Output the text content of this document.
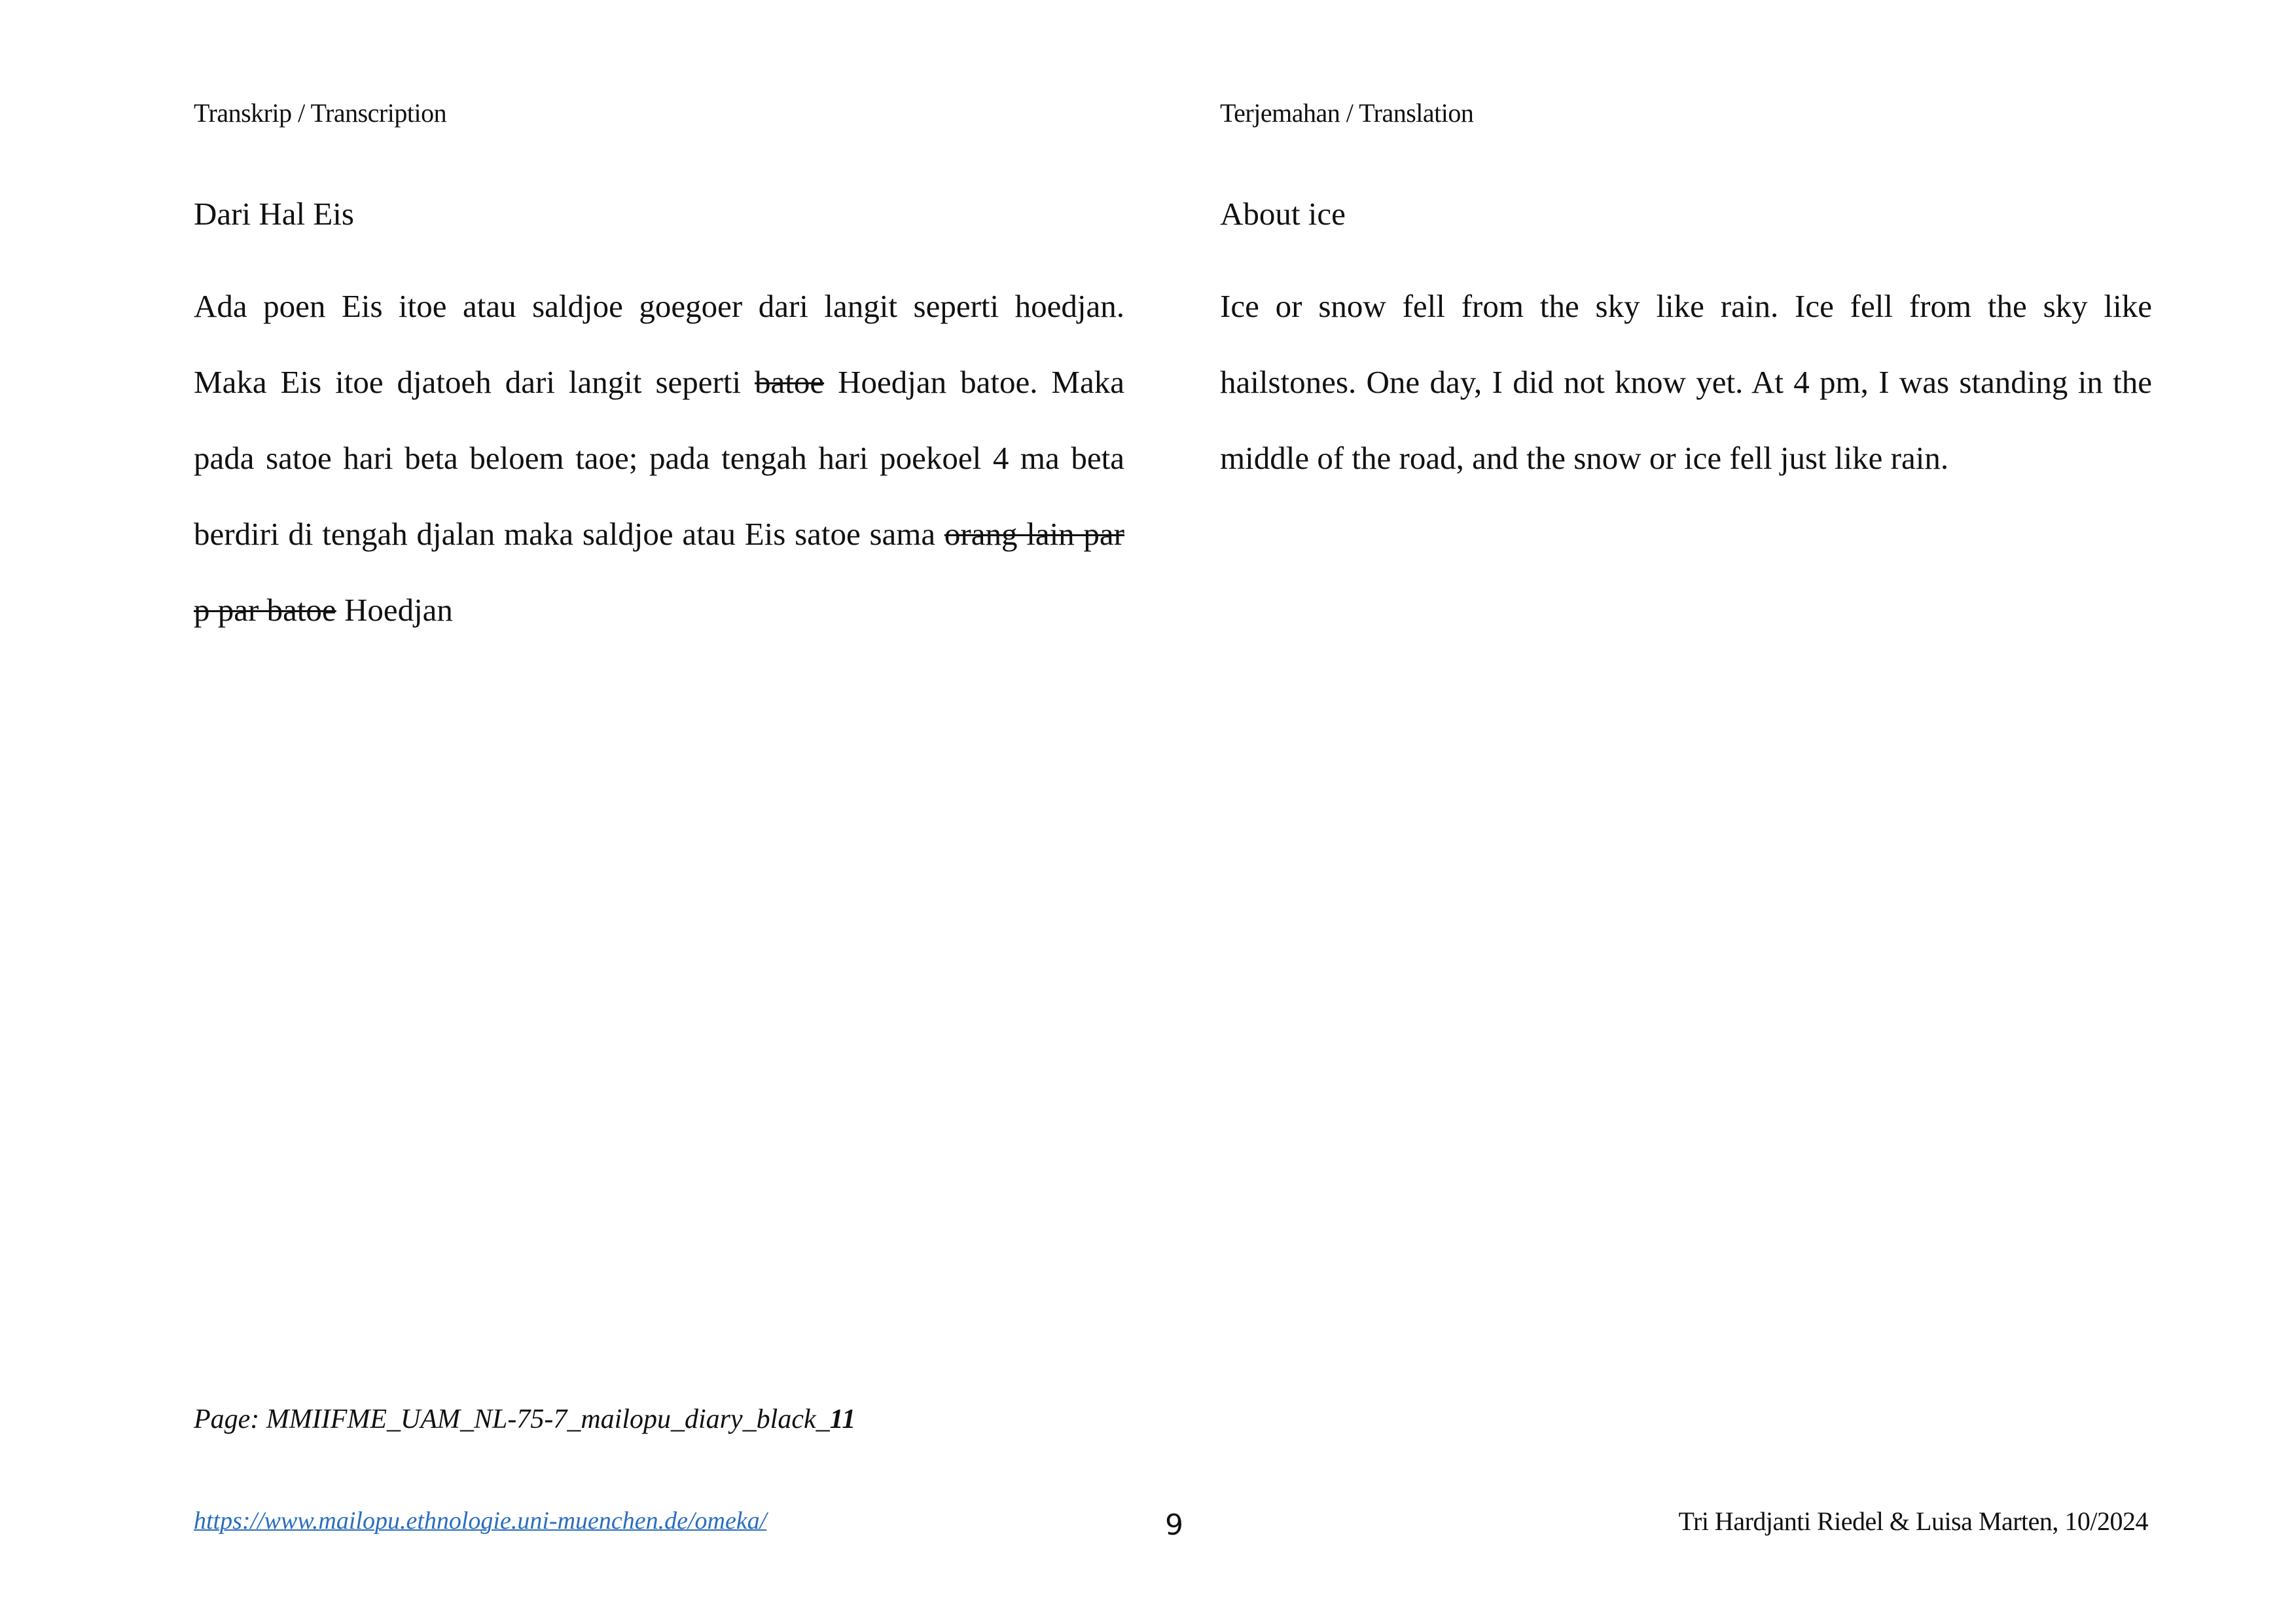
Transkrip / Transcription
Dari Hal Eis
Ada poen Eis itoe atau saldjoe goegoer dari langit seperti hoedjan. Maka Eis itoe djatoeh dari langit seperti batoe Hoedjan batoe. Maka pada satoe hari beta beloem taoe; pada tengah hari poekoel 4 ma beta berdiri di tengah djalan maka saldjoe atau Eis satoe sama orang lain par p par batoe Hoedjan
Terjemahan / Translation
About ice
Ice or snow fell from the sky like rain. Ice fell from the sky like hailstones. One day, I did not know yet. At 4 pm, I was standing in the middle of the road, and the snow or ice fell just like rain.
Page: MMIIFME_UAM_NL-75-7_mailopu_diary_black_11
https://www.mailopu.ethnologie.uni-muenchen.de/omeka/	9	Tri Hardjanti Riedel & Luisa Marten, 10/2024
